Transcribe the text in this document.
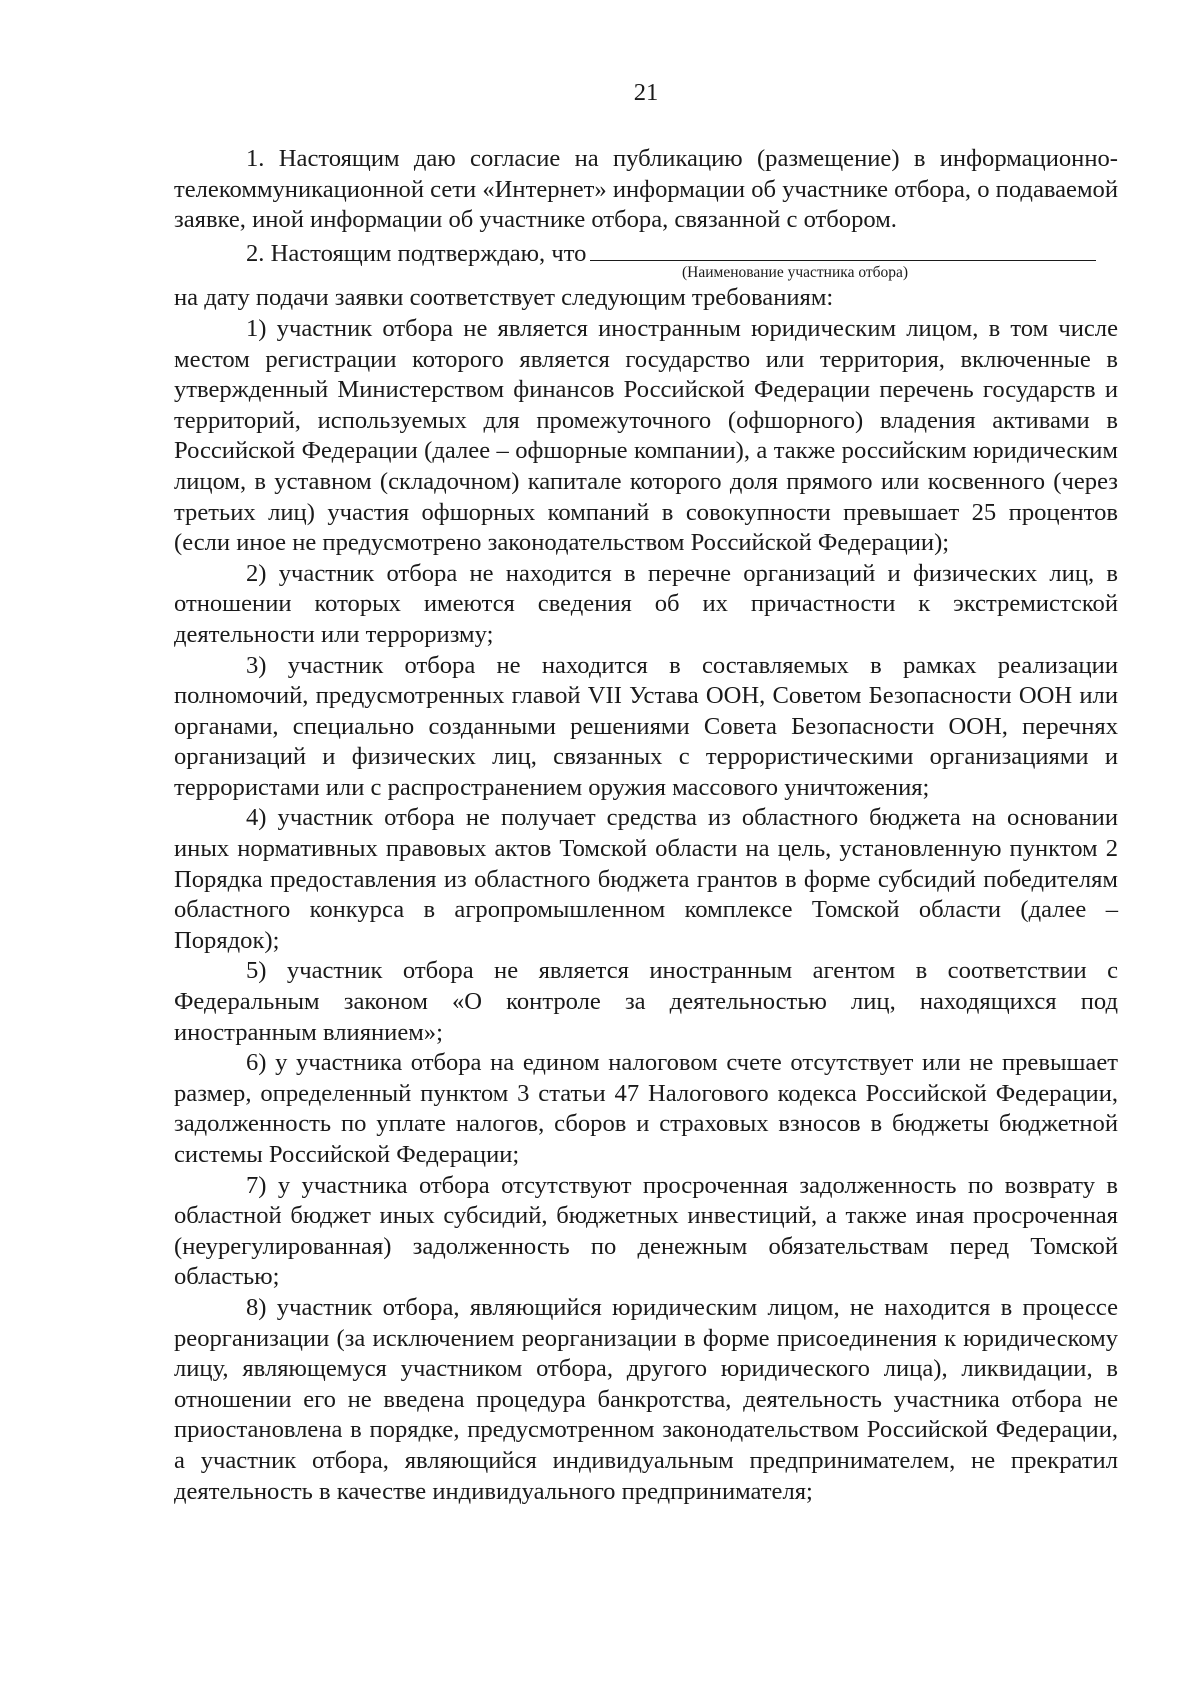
21

1. Настоящим даю согласие на публикацию (размещение) в информационно-телекоммуникационной сети «Интернет» информации об участнике отбора, о подаваемой заявке, иной информации об участнике отбора, связанной с отбором.

2. Настоящим подтверждаю, что

(Наименование участника отбора)

на дату подачи заявки соответствует следующим требованиям:

1) участник отбора не является иностранным юридическим лицом, в том числе местом регистрации которого является государство или территория, включенные в утвержденный Министерством финансов Российской Федерации перечень государств и территорий, используемых для промежуточного (офшорного) владения активами в Российской Федерации (далее – офшорные компании), а также российским юридическим лицом, в уставном (складочном) капитале которого доля прямого или косвенного (через третьих лиц) участия офшорных компаний в совокупности превышает 25 процентов (если иное не предусмотрено законодательством Российской Федерации);

2) участник отбора не находится в перечне организаций и физических лиц, в отношении которых имеются сведения об их причастности к экстремистской деятельности или терроризму;

3) участник отбора не находится в составляемых в рамках реализации полномочий, предусмотренных главой VII Устава ООН, Советом Безопасности ООН или органами, специально созданными решениями Совета Безопасности ООН, перечнях организаций и физических лиц, связанных с террористическими организациями и террористами или с распространением оружия массового уничтожения;

4) участник отбора не получает средства из областного бюджета на основании иных нормативных правовых актов Томской области на цель, установленную пунктом 2 Порядка предоставления из областного бюджета грантов в форме субсидий победителям областного конкурса в агропромышленном комплексе Томской области (далее – Порядок);

5) участник отбора не является иностранным агентом в соответствии с Федеральным законом «О контроле за деятельностью лиц, находящихся под иностранным влиянием»;

6) у участника отбора на едином налоговом счете отсутствует или не превышает размер, определенный пунктом 3 статьи 47 Налогового кодекса Российской Федерации, задолженность по уплате налогов, сборов и страховых взносов в бюджеты бюджетной системы Российской Федерации;

7) у участника отбора отсутствуют просроченная задолженность по возврату в областной бюджет иных субсидий, бюджетных инвестиций, а также иная просроченная (неурегулированная) задолженность по денежным обязательствам перед Томской областью;

8) участник отбора, являющийся юридическим лицом, не находится в процессе реорганизации (за исключением реорганизации в форме присоединения к юридическому лицу, являющемуся участником отбора, другого юридического лица), ликвидации, в отношении его не введена процедура банкротства, деятельность участника отбора не приостановлена в порядке, предусмотренном законодательством Российской Федерации, а участник отбора, являющийся индивидуальным предпринимателем, не прекратил деятельность в качестве индивидуального предпринимателя;
